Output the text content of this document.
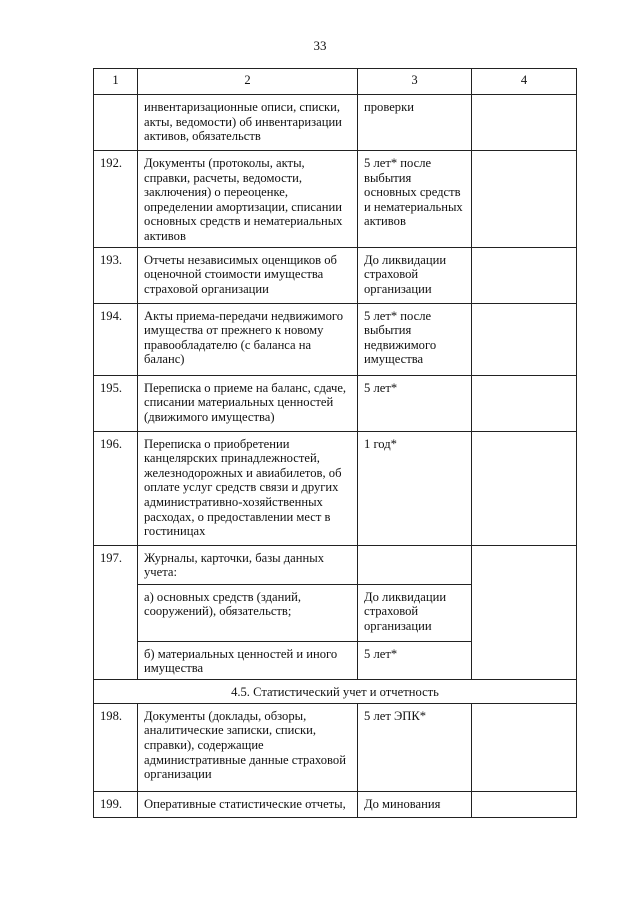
33
1	2	3	4
	инвентаризационные описи, списки, акты, ведомости) об инвентаризации активов, обязательств	проверки	
192.	Документы (протоколы, акты, справки, расчеты, ведомости, заключения) о переоценке, определении амортизации, списании основных средств и нематериальных активов	5 лет* после выбытия основных средств и нематериальных активов	
193.	Отчеты независимых оценщиков об оценочной стоимости имущества страховой организации	До ликвидации страховой организации	
194.	Акты приема-передачи недвижимого имущества от прежнего к новому правообладателю (с баланса на баланс)	5 лет* после выбытия недвижимого имущества	
195.	Переписка о приеме на баланс, сдаче, списании материальных ценностей (движимого имущества)	5 лет*	
196.	Переписка о приобретении канцелярских принадлежностей, железнодорожных и авиабилетов, об оплате услуг средств связи и других административно-хозяйственных расходах, о предоставлении мест в гостиницах	1 год*	
197.	Журналы, карточки, базы данных учета:		
	а) основных средств (зданий, сооружений), обязательств;	До ликвидации страховой организации	
	б) материальных ценностей и иного имущества	5 лет*	
4.5. Статистический учет и отчетность			
198.	Документы (доклады, обзоры, аналитические записки, списки, справки), содержащие административные данные страховой организации	5 лет ЭПК*	
199.	Оперативные статистические отчеты,	До минования	
